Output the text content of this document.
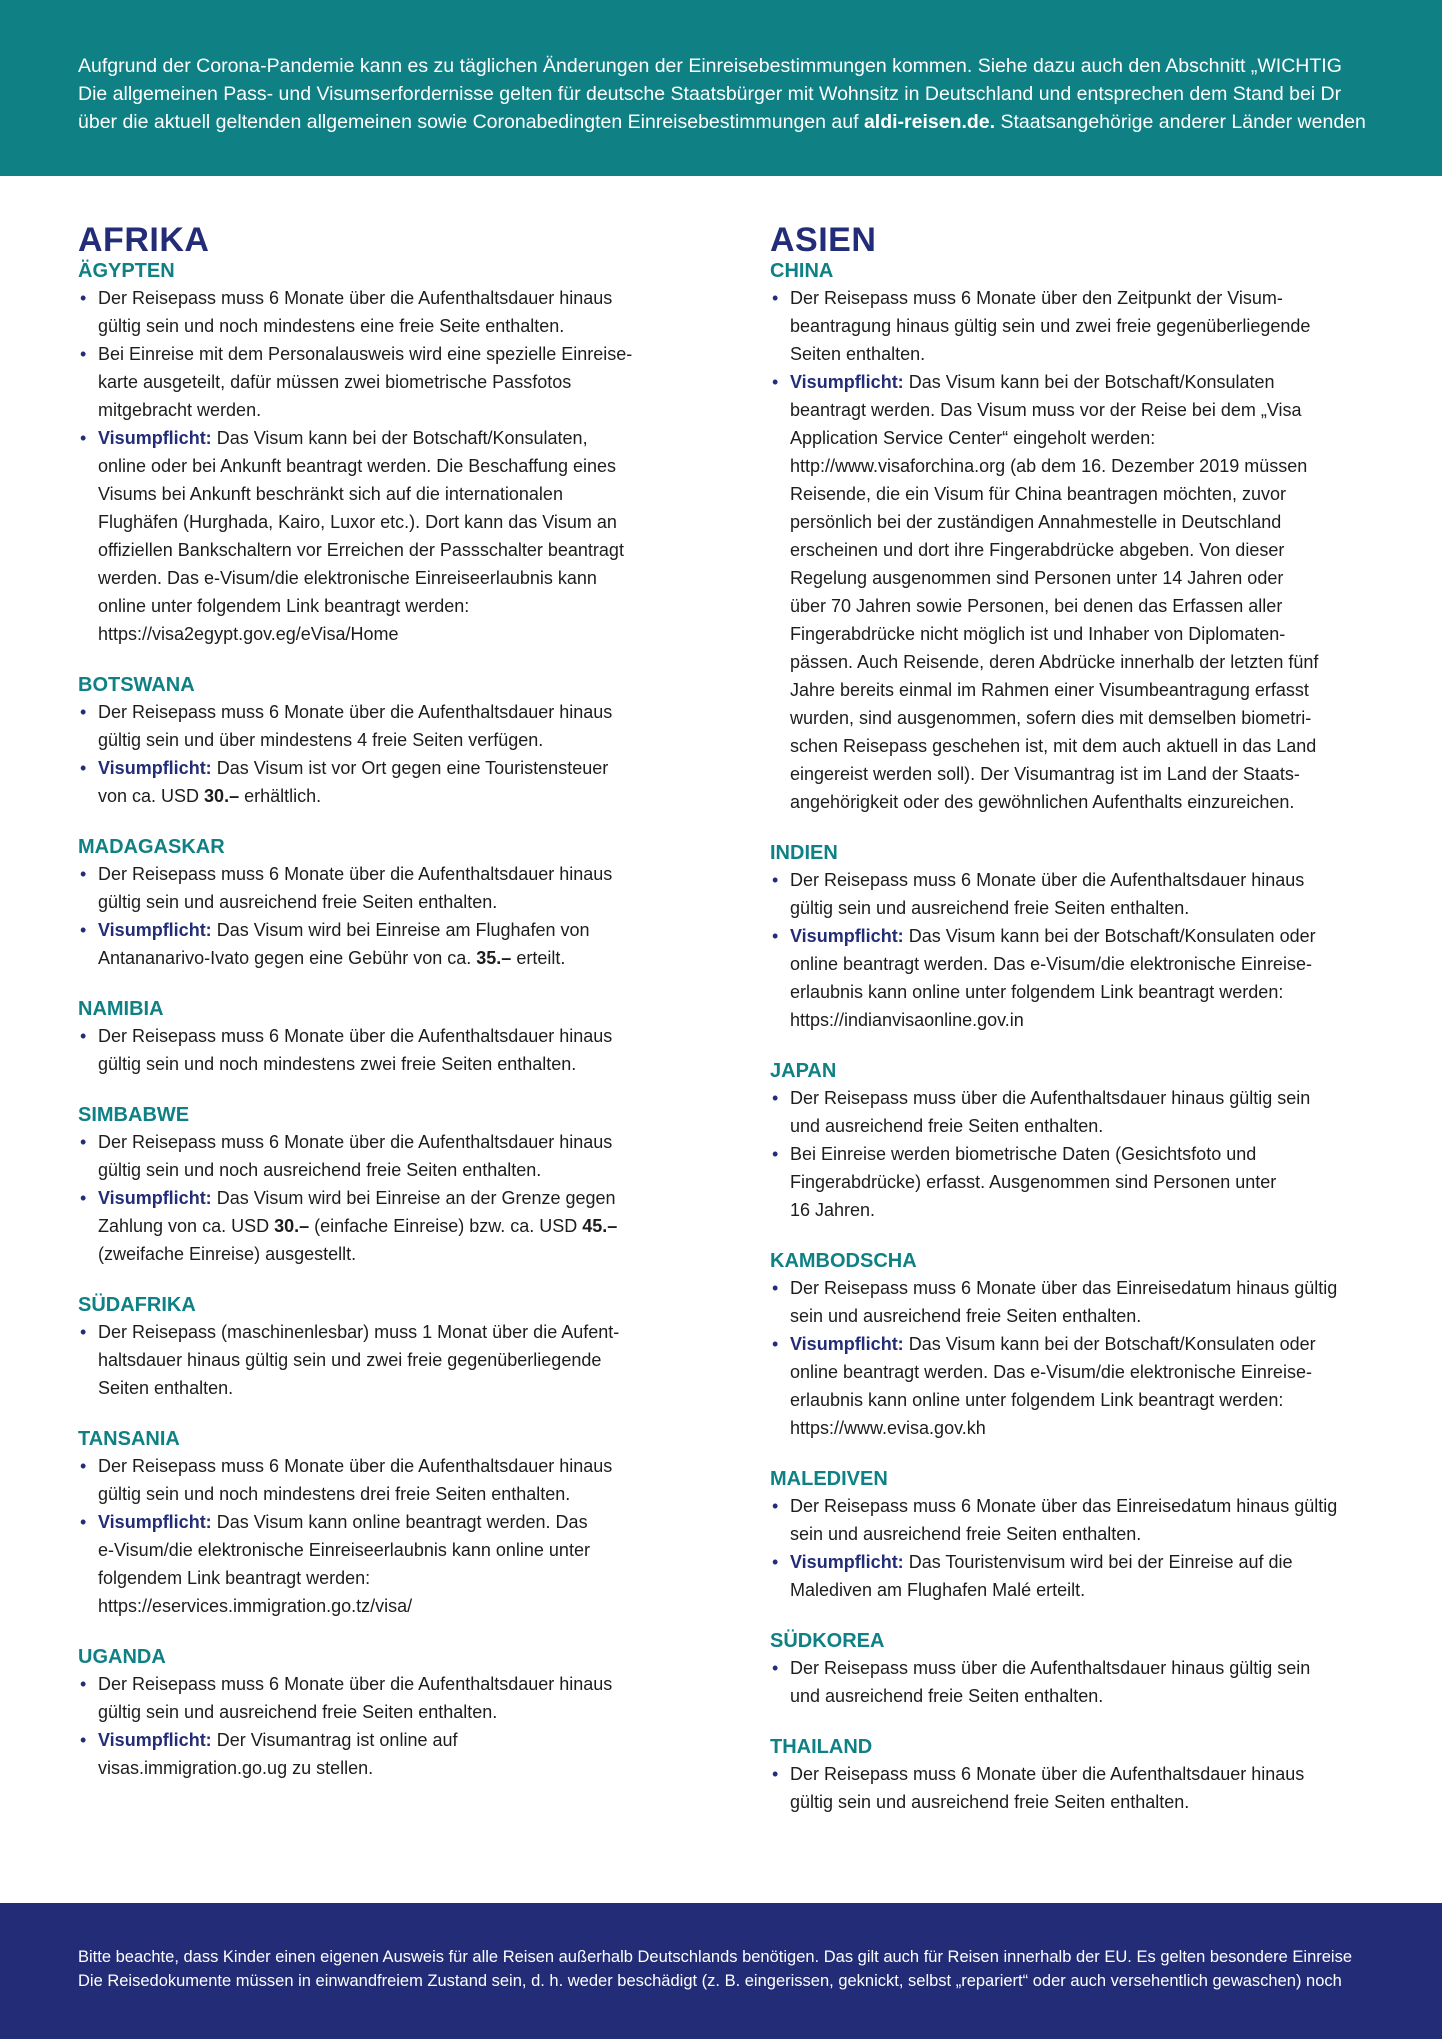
Aufgrund der Corona-Pandemie kann es zu täglichen Änderungen der Einreisebestimmungen kommen. Siehe dazu auch den Abschnitt „WICHTIG
Die allgemeinen Pass- und Visumserfordernisse gelten für deutsche Staatsbürger mit Wohnsitz in Deutschland und entsprechen dem Stand bei Dr
über die aktuell geltenden allgemeinen sowie Coronabedingten Einreisebestimmungen auf aldi-reisen.de. Staatsangehörige anderer Länder wenden
AFRIKA
ÄGYPTEN
• Der Reisepass muss 6 Monate über die Aufenthaltsdauer hinaus
gültig sein und noch mindestens eine freie Seite enthalten.
• Bei Einreise mit dem Personalausweis wird eine spezielle Einreise-
karte ausgeteilt, dafür müssen zwei biometrische Passfotos
mitgebracht werden.
• Visumpflicht: Das Visum kann bei der Botschaft/Konsulaten,
online oder bei Ankunft beantragt werden. Die Beschaffung eines
Visums bei Ankunft beschränkt sich auf die internationalen
Flughäfen (Hurghada, Kairo, Luxor etc.). Dort kann das Visum an
offiziellen Bankschaltern vor Erreichen der Passschalter beantragt
werden. Das e-Visum/die elektronische Einreiseerlaubnis kann
online unter folgendem Link beantragt werden:
https://visa2egypt.gov.eg/eVisa/Home
BOTSWANA
• Der Reisepass muss 6 Monate über die Aufenthaltsdauer hinaus
gültig sein und über mindestens 4 freie Seiten verfügen.
• Visumpflicht: Das Visum ist vor Ort gegen eine Touristensteuer
von ca. USD 30.– erhältlich.
MADAGASKAR
• Der Reisepass muss 6 Monate über die Aufenthaltsdauer hinaus
gültig sein und ausreichend freie Seiten enthalten.
• Visumpflicht: Das Visum wird bei Einreise am Flughafen von
Antananarivo-Ivato gegen eine Gebühr von ca. 35.– erteilt.
NAMIBIA
• Der Reisepass muss 6 Monate über die Aufenthaltsdauer hinaus
gültig sein und noch mindestens zwei freie Seiten enthalten.
SIMBABWE
• Der Reisepass muss 6 Monate über die Aufenthaltsdauer hinaus
gültig sein und noch ausreichend freie Seiten enthalten.
• Visumpflicht: Das Visum wird bei Einreise an der Grenze gegen
Zahlung von ca. USD 30.– (einfache Einreise) bzw. ca. USD 45.–
(zweifache Einreise) ausgestellt.
SÜDAFRIKA
• Der Reisepass (maschinenlesbar) muss 1 Monat über die Aufent-
haltsdauer hinaus gültig sein und zwei freie gegenüberliegende
Seiten enthalten.
TANSANIA
• Der Reisepass muss 6 Monate über die Aufenthaltsdauer hinaus
gültig sein und noch mindestens drei freie Seiten enthalten.
• Visumpflicht: Das Visum kann online beantragt werden. Das
e-Visum/die elektronische Einreiseerlaubnis kann online unter
folgendem Link beantragt werden:
https://eservices.immigration.go.tz/visa/
UGANDA
• Der Reisepass muss 6 Monate über die Aufenthaltsdauer hinaus
gültig sein und ausreichend freie Seiten enthalten.
• Visumpflicht: Der Visumantrag ist online auf
visas.immigration.go.ug zu stellen.
ASIEN
CHINA
• Der Reisepass muss 6 Monate über den Zeitpunkt der Visum-
beantragung hinaus gültig sein und zwei freie gegenüberliegende
Seiten enthalten.
• Visumpflicht: Das Visum kann bei der Botschaft/Konsulaten
beantragt werden. Das Visum muss vor der Reise bei dem „Visa
Application Service Center“ eingeholt werden:
http://www.visaforchina.org (ab dem 16. Dezember 2019 müssen
Reisende, die ein Visum für China beantragen möchten, zuvor
persönlich bei der zuständigen Annahmestelle in Deutschland
erscheinen und dort ihre Fingerabdrücke abgeben. Von dieser
Regelung ausgenommen sind Personen unter 14 Jahren oder
über 70 Jahren sowie Personen, bei denen das Erfassen aller
Fingerabdrücke nicht möglich ist und Inhaber von Diplomaten-
pässen. Auch Reisende, deren Abdrücke innerhalb der letzten fünf
Jahre bereits einmal im Rahmen einer Visumbeantragung erfasst
wurden, sind ausgenommen, sofern dies mit demselben biometri-
schen Reisepass geschehen ist, mit dem auch aktuell in das Land
eingereist werden soll). Der Visumantrag ist im Land der Staats-
angehörigkeit oder des gewöhnlichen Aufenthalts einzureichen.
INDIEN
• Der Reisepass muss 6 Monate über die Aufenthaltsdauer hinaus
gültig sein und ausreichend freie Seiten enthalten.
• Visumpflicht: Das Visum kann bei der Botschaft/Konsulaten oder
online beantragt werden. Das e-Visum/die elektronische Einreise-
erlaubnis kann online unter folgendem Link beantragt werden:
https://indianvisaonline.gov.in
JAPAN
• Der Reisepass muss über die Aufenthaltsdauer hinaus gültig sein
und ausreichend freie Seiten enthalten.
• Bei Einreise werden biometrische Daten (Gesichtsfoto und
Fingerabdrücke) erfasst. Ausgenommen sind Personen unter
16 Jahren.
KAMBODSCHA
• Der Reisepass muss 6 Monate über das Einreisedatum hinaus gültig
sein und ausreichend freie Seiten enthalten.
• Visumpflicht: Das Visum kann bei der Botschaft/Konsulaten oder
online beantragt werden. Das e-Visum/die elektronische Einreise-
erlaubnis kann online unter folgendem Link beantragt werden:
https://www.evisa.gov.kh
MALEDIVEN
• Der Reisepass muss 6 Monate über das Einreisedatum hinaus gültig
sein und ausreichend freie Seiten enthalten.
• Visumpflicht: Das Touristenvisum wird bei der Einreise auf die
Malediven am Flughafen Malé erteilt.
SÜDKOREA
• Der Reisepass muss über die Aufenthaltsdauer hinaus gültig sein
und ausreichend freie Seiten enthalten.
THAILAND
• Der Reisepass muss 6 Monate über die Aufenthaltsdauer hinaus
gültig sein und ausreichend freie Seiten enthalten.
Bitte beachte, dass Kinder einen eigenen Ausweis für alle Reisen außerhalb Deutschlands benötigen. Das gilt auch für Reisen innerhalb der EU. Es gelten besondere Einreise
Die Reisedokumente müssen in einwandfreiem Zustand sein, d. h. weder beschädigt (z. B. eingerissen, geknickt, selbst „repariert“ oder auch versehentlich gewaschen) noch
